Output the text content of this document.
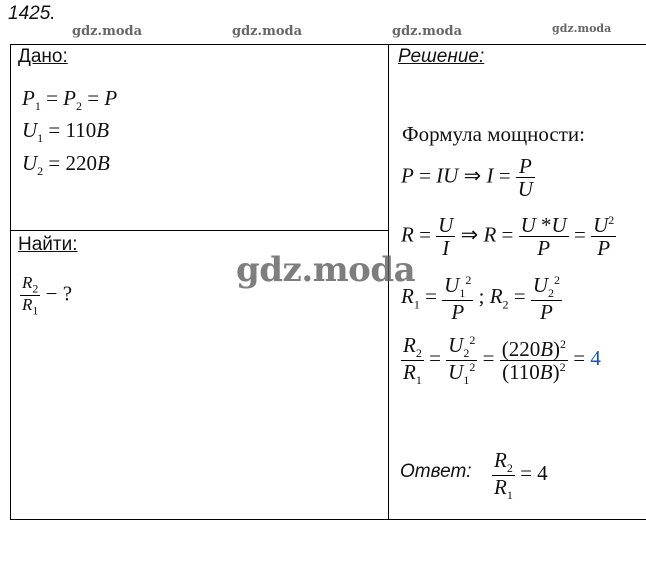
1425.
gdz.moda	gdz.moda	gdz.moda	gdz.moda
Дано:
$P_1 = P_2 = P$
$U_1 = 110B$
$U_2 = 220B$
Найти:
$\frac{R_2}{R_1}$ − ?
Решение:
Формула мощности:
P = IU ⇒ $I = \frac{P}{U}$
$R = \frac{U}{I}$ ⇒ $R = \frac{U *U}{P} = \frac{U^2}{P}$
$R_1 = \frac{U_1^2}{P}$ ; $R_2 = \frac{U_2^2}{P}$
$\frac{R_2}{R_1} = \frac{U_2^2}{U_1^2} = \frac{(220B)^2}{(110B)^2} = 4$
Ответ: $\frac{R_2}{R_1} = 4$
gdz.moda
